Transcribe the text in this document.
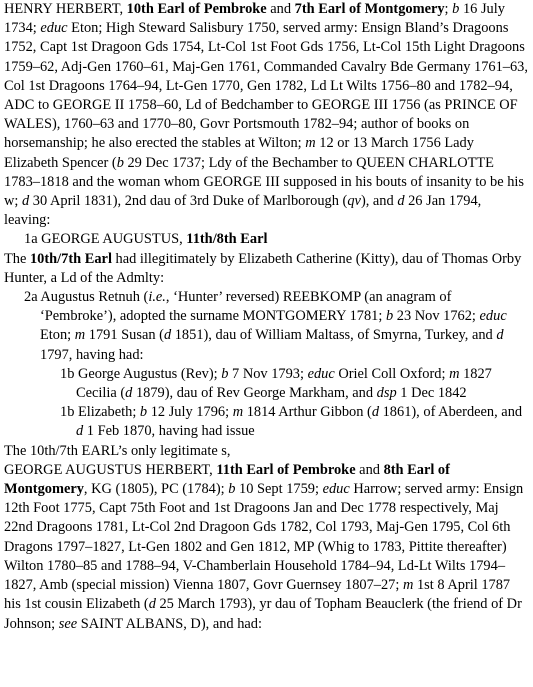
HENRY HERBERT, 10th Earl of Pembroke and 7th Earl of Montgomery; b 16 July 1734; educ Eton; High Steward Salisbury 1750, served army: Ensign Bland’s Dragoons 1752, Capt 1st Dragoon Gds 1754, Lt-Col 1st Foot Gds 1756, Lt-Col 15th Light Dragoons 1759–62, Adj-Gen 1760–61, Maj-Gen 1761, Commanded Cavalry Bde Germany 1761–63, Col 1st Dragoons 1764–94, Lt-Gen 1770, Gen 1782, Ld Lt Wilts 1756–80 and 1782–94, ADC to GEORGE II 1758–60, Ld of Bedchamber to GEORGE III 1756 (as PRINCE OF WALES), 1760–63 and 1770–80, Govr Portsmouth 1782–94; author of books on horsemanship; he also erected the stables at Wilton; m 12 or 13 March 1756 Lady Elizabeth Spencer (b 29 Dec 1737; Ldy of the Bechamber to QUEEN CHARLOTTE 1783–1818 and the woman whom GEORGE III supposed in his bouts of insanity to be his w; d 30 April 1831), 2nd dau of 3rd Duke of Marlborough (qv), and d 26 Jan 1794, leaving:

1a GEORGE AUGUSTUS, 11th/8th Earl

The 10th/7th Earl had illegitimately by Elizabeth Catherine (Kitty), dau of Thomas Orby Hunter, a Ld of the Admlty:

2a Augustus Retnuh (i.e., ‘Hunter’ reversed) REEBKOMP (an anagram of ‘Pembroke’), adopted the surname MONTGOMERY 1781; b 23 Nov 1762; educ Eton; m 1791 Susan (d 1851), dau of William Maltass, of Smyrna, Turkey, and d 1797, having had:

1b George Augustus (Rev); b 7 Nov 1793; educ Oriel Coll Oxford; m 1827 Cecilia (d 1879), dau of Rev George Markham, and dsp 1 Dec 1842

1b Elizabeth; b 12 July 1796; m 1814 Arthur Gibbon (d 1861), of Aberdeen, and d 1 Feb 1870, having had issue

The 10th/7th EARL’s only legitimate s,

GEORGE AUGUSTUS HERBERT, 11th Earl of Pembroke and 8th Earl of Montgomery, KG (1805), PC (1784); b 10 Sept 1759; educ Harrow; served army: Ensign 12th Foot 1775, Capt 75th Foot and 1st Dragoons Jan and Dec 1778 respectively, Maj 22nd Dragoons 1781, Lt-Col 2nd Dragoon Gds 1782, Col 1793, Maj-Gen 1795, Col 6th Dragons 1797–1827, Lt-Gen 1802 and Gen 1812, MP (Whig to 1783, Pittite thereafter) Wilton 1780–85 and 1788–94, V-Chamberlain Household 1784–94, Ld-Lt Wilts 1794–1827, Amb (special mission) Vienna 1807, Govr Guernsey 1807–27; m 1st 8 April 1787 his 1st cousin Elizabeth (d 25 March 1793), yr dau of Topham Beauclerk (the friend of Dr Johnson; see SAINT ALBANS, D), and had:
